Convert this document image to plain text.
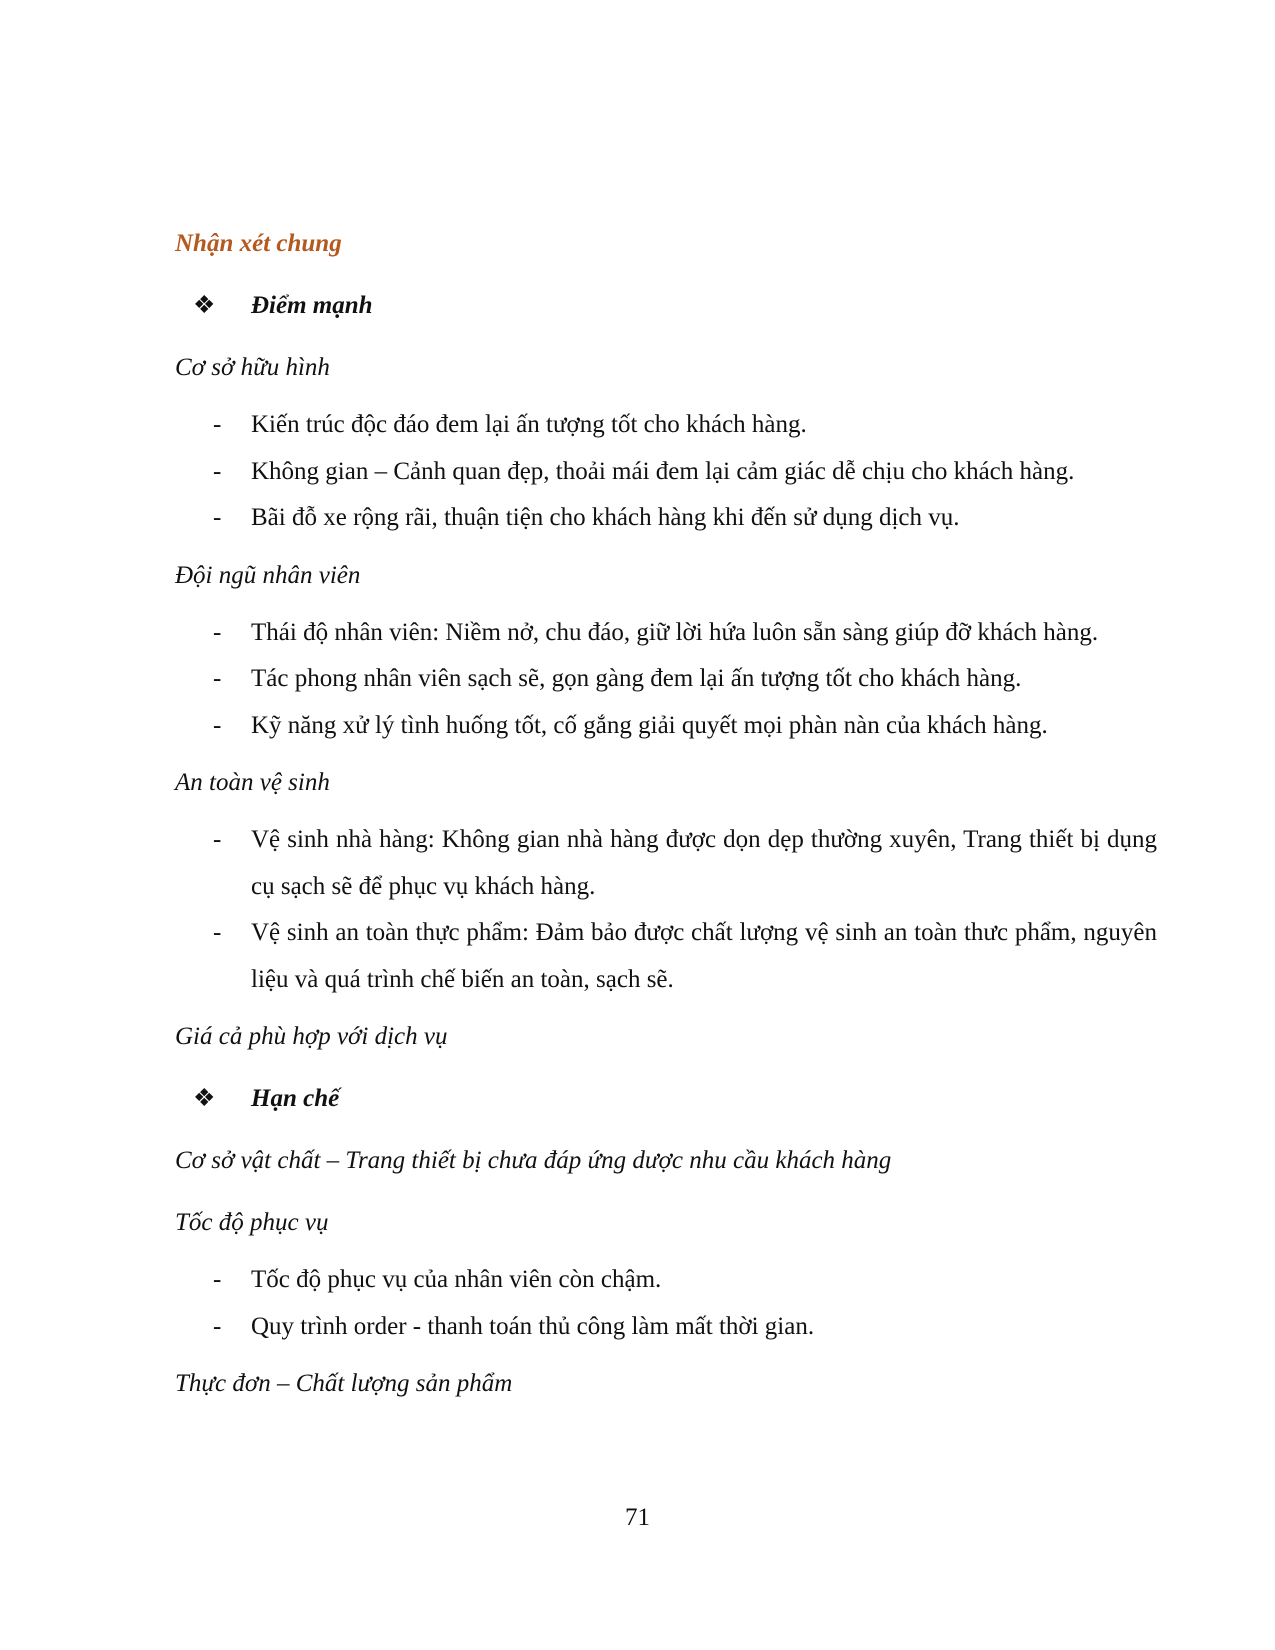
Nhận xét chung

❖ Điểm mạnh

Cơ sở hữu hình

- Kiến trúc độc đáo đem lại ấn tượng tốt cho khách hàng.
- Không gian – Cảnh quan đẹp, thoải mái đem lại cảm giác dễ chịu cho khách hàng.
- Bãi đỗ xe rộng rãi, thuận tiện cho khách hàng khi đến sử dụng dịch vụ.

Đội ngũ nhân viên

- Thái độ nhân viên: Niềm nở, chu đáo, giữ lời hứa luôn sẵn sàng giúp đỡ khách hàng.
- Tác phong nhân viên sạch sẽ, gọn gàng đem lại ấn tượng tốt cho khách hàng.
- Kỹ năng xử lý tình huống tốt, cố gắng giải quyết mọi phàn nàn của khách hàng.

An toàn vệ sinh

- Vệ sinh nhà hàng: Không gian nhà hàng được dọn dẹp thường xuyên, Trang thiết bị dụng cụ sạch sẽ để phục vụ khách hàng.
- Vệ sinh an toàn thực phẩm: Đảm bảo được chất lượng vệ sinh an toàn thưc phẩm, nguyên liệu và quá trình chế biến an toàn, sạch sẽ.

Giá cả phù hợp với dịch vụ

❖ Hạn chế

Cơ sở vật chất – Trang thiết bị chưa đáp ứng dược nhu cầu khách hàng

Tốc độ phục vụ

- Tốc độ phục vụ của nhân viên còn chậm.
- Quy trình order - thanh toán thủ công làm mất thời gian.

Thực đơn – Chất lượng sản phẩm

71
